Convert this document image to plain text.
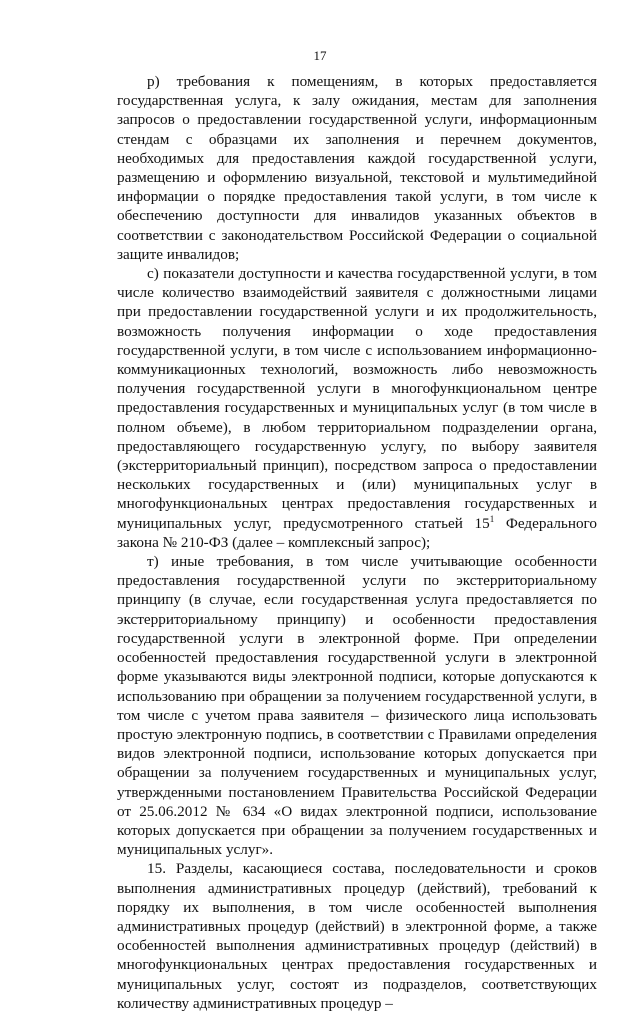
17

р) требования к помещениям, в которых предоставляется государственная услуга, к залу ожидания, местам для заполнения запросов о предоставлении государственной услуги, информационным стендам с образцами их заполнения и перечнем документов, необходимых для предоставления каждой государственной услуги, размещению и оформлению визуальной, текстовой и мультимедийной информации о порядке предоставления такой услуги, в том числе к обеспечению доступности для инвалидов указанных объектов в соответствии с законодательством Российской Федерации о социальной защите инвалидов;

с) показатели доступности и качества государственной услуги, в том числе количество взаимодействий заявителя с должностными лицами при предоставлении государственной услуги и их продолжительность, возможность получения информации о ходе предоставления государственной услуги, в том числе с использованием информационно-коммуникационных технологий, возможность либо невозможность получения государственной услуги в многофункциональном центре предоставления государственных и муниципальных услуг (в том числе в полном объеме), в любом территориальном подразделении органа, предоставляющего государственную услугу, по выбору заявителя (экстерриториальный принцип), посредством запроса о предоставлении нескольких государственных и (или) муниципальных услуг в многофункциональных центрах предоставления государственных и муниципальных услуг, предусмотренного статьей $15^1$ Федерального закона № 210-ФЗ (далее – комплексный запрос);

т) иные требования, в том числе учитывающие особенности предоставления государственной услуги по экстерриториальному принципу (в случае, если государственная услуга предоставляется по экстерриториальному принципу) и особенности предоставления государственной услуги в электронной форме. При определении особенностей предоставления государственной услуги в электронной форме указываются виды электронной подписи, которые допускаются к использованию при обращении за получением государственной услуги, в том числе с учетом права заявителя – физического лица использовать простую электронную подпись, в соответствии с Правилами определения видов электронной подписи, использование которых допускается при обращении за получением государственных и муниципальных услуг, утвержденными постановлением Правительства Российской Федерации от 25.06.2012 № 634 «О видах электронной подписи, использование которых допускается при обращении за получением государственных и муниципальных услуг».

15. Разделы, касающиеся состава, последовательности и сроков выполнения административных процедур (действий), требований к порядку их выполнения, в том числе особенностей выполнения административных процедур (действий) в электронной форме, а также особенностей выполнения административных процедур (действий) в многофункциональных центрах предоставления государственных и муниципальных услуг, состоят из подразделов, соответствующих количеству административных процедур –
